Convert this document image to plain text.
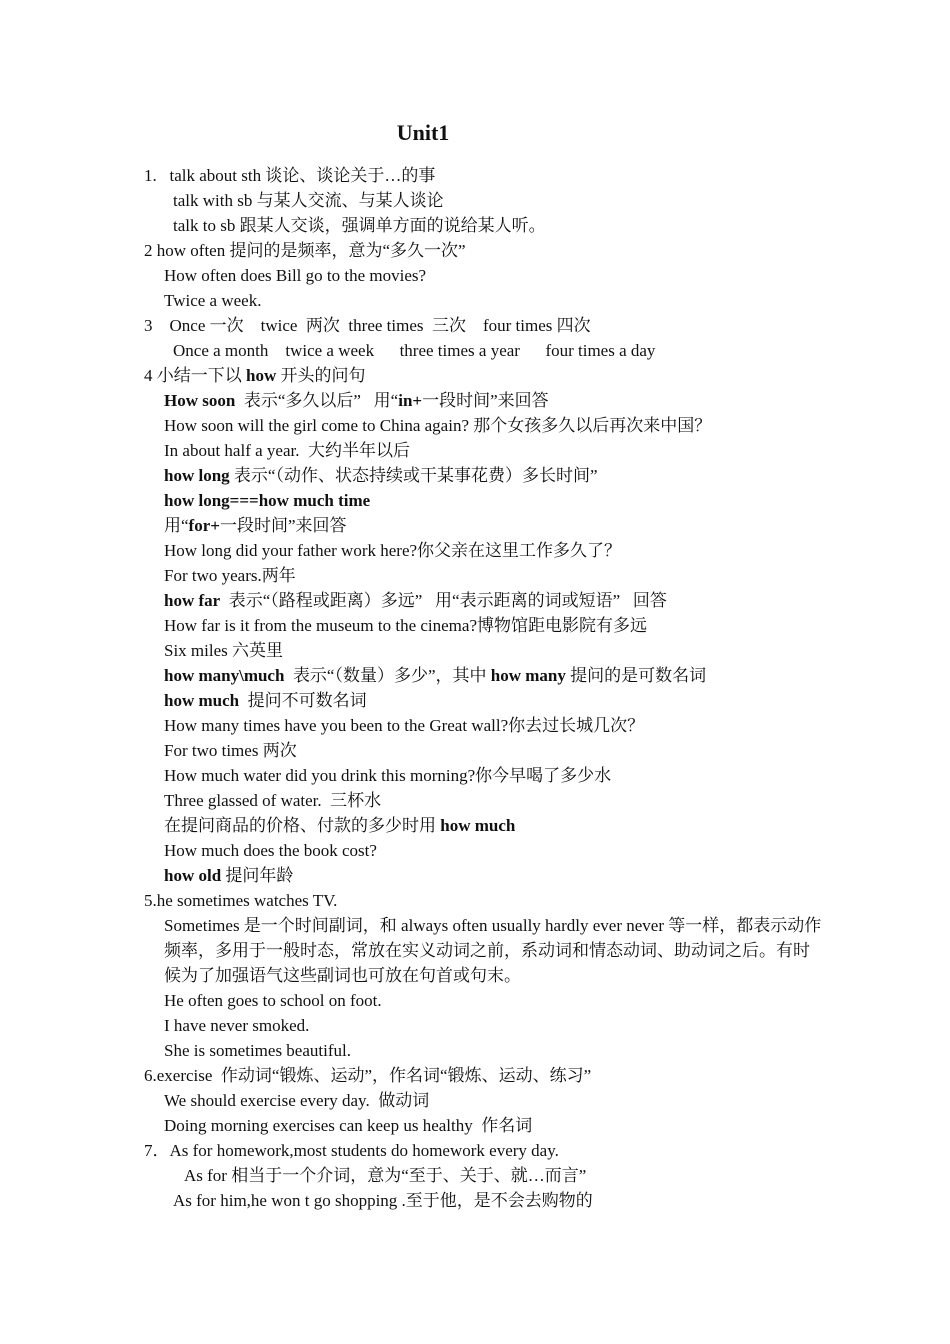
Unit1
1.   talk about sth 谈论、谈论关于…的事
talk with sb 与某人交流、与某人谈论
talk to sb 跟某人交谈，强调单方面的说给某人听。
2 how often 提问的是频率，意为“多久一次”
How often does Bill go to the movies?
Twice a week.
3    Once 一次    twice  两次  three times  三次    four times 四次
Once a month    twice a week      three times a year      four times a day
4 小结一下以 how 开头的问句
How soon  表示“多久以后”   用“in+一段时间”来回答
How soon will the girl come to China again? 那个女孩多久以后再次来中国？
In about half a year.  大约半年以后
how long 表示“（动作、状态持续或干某事花费）多长时间”
how long===how much time
用“for+一段时间”来回答
How long did your father work here?你父亲在这里工作多久了？
For two years.两年
how far  表示“（路程或距离）多远”   用“表示距离的词或短语”   回答
How far is it from the museum to the cinema?博物馆距电影院有多远
Six miles 六英里
how many\much  表示“（数量）多少”，其中 how many 提问的是可数名词
how much  提问不可数名词
How many times have you been to the Great wall?你去过长城几次？
For two times 两次
How much water did you drink this morning?你今早喝了多少水
Three glassed of water.  三杯水
在提问商品的价格、付款的多少时用 how much
How much does the book cost?
how old 提问年龄
5.he sometimes watches TV.
Sometimes 是一个时间副词，和 always often usually hardly ever never 等一样，都表示动作频率，多用于一般时态，常放在实义动词之前，系动词和情态动词、助动词之后。有时候为了加强语气这些副词也可放在句首或句末。
He often goes to school on foot.
I have never smoked.
She is sometimes beautiful.
6.exercise  作动词“锻炼、运动”，作名词“锻炼、运动、练习”
We should exercise every day.  做动词
Doing morning exercises can keep us healthy  作名词
7．As for homework,most students do homework every day.
As for 相当于一个介词，意为“至于、关于、就…而言”
As for him,he won t go shopping .至于他，是不会去购物的
